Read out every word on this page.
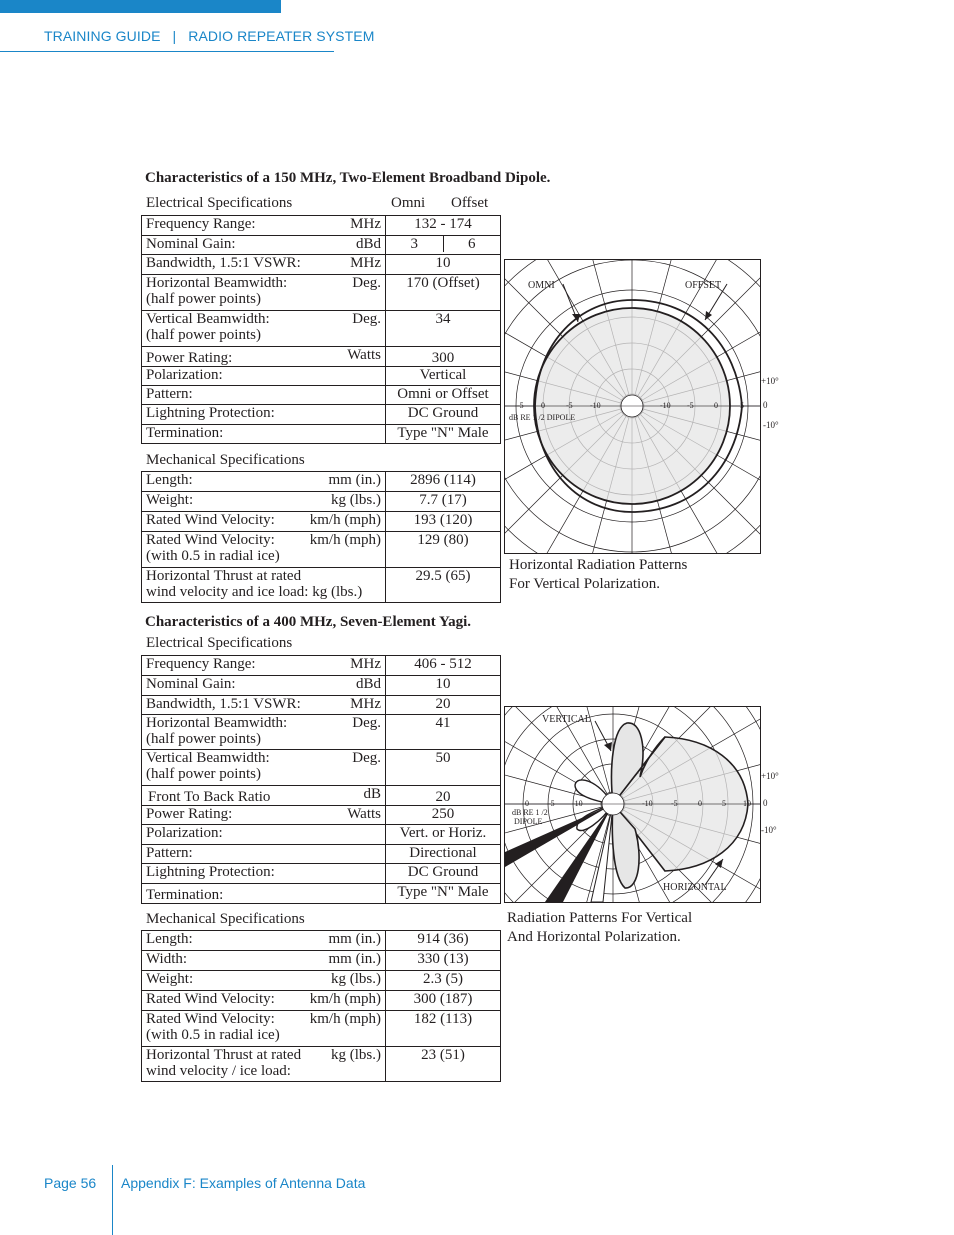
TRAINING GUIDE | RADIO REPEATER SYSTEM
Characteristics of a 150 MHz, Two-Element Broadband Dipole.
Electrical Specifications	Omni Offset
Frequency Range: MHz	132 - 174

Nominal Gain: dBd	3 6

Bandwidth, 1.5:1 VSWR: MHz	10

Horizontal Beamwidth:
(half power points)
Deg.	170 (Offset)

Vertical Beamwidth:
(half power points)
Deg.	34

Power Rating: Watts	300

Polarization:	Vertical

Pattern:	Omni or Offset

Lightning Protection:	DC Ground

Termination:	Type "N" Male
Mechanical Specifications
Length: mm (in.)	2896 (114)

Weight: kg (lbs.)	7.7 (17)

Rated Wind Velocity: km/h (mph)	193 (120)

Rated Wind Velocity:
(with 0.5 in radial ice)
km/h (mph)	129 (80)

Horizontal Thrust at rated
wind velocity and ice load: kg (lbs.)	29.5 (65)
OMNI	OFFSET
-5 0	-5 -10	-10 -5	0	5
dB RE 1 /2 DIPOLE
+10°
0
-10°
Horizontal Radiation Patterns
For Vertical Polarization.
Characteristics of a 400 MHz, Seven-Element Yagi.
Electrical Specifications
Frequency Range: MHz	406 - 512

Nominal Gain: dBd	10

Bandwidth, 1.5:1 VSWR: MHz	20

Horizontal Beamwidth:
(half power points)
Deg.	41

Vertical Beamwidth:
(half power points)
Deg.	50

Front To Back Ratio dB	20

Power Rating: Watts	250

Polarization:	Vert. or Horiz.

Pattern:	Directional

Lightning Protection:	DC Ground

Termination:	Type "N" Male
Mechanical Specifications
Length: mm (in.)	914 (36)

Width: mm (in.)	330 (13)

Weight: kg (lbs.)	2.3 (5)

Rated Wind Velocity: km/h (mph)	300 (187)

Rated Wind Velocity:
(with 0.5 in radial ice)
km/h (mph)	182 (113)

Horizontal Thrust at rated
wind velocity / ice load:
kg (lbs.)	23 (51)
VERTICAL
HORIZONTAL
0 -5 -10	-10 -5	0	5 10
dB RE 1 /2
DIPOLE
+10°
0
-10°
Radiation Patterns For Vertical
And Horizontal Polarization.
Page 56 Appendix F: Examples of Antenna Data
